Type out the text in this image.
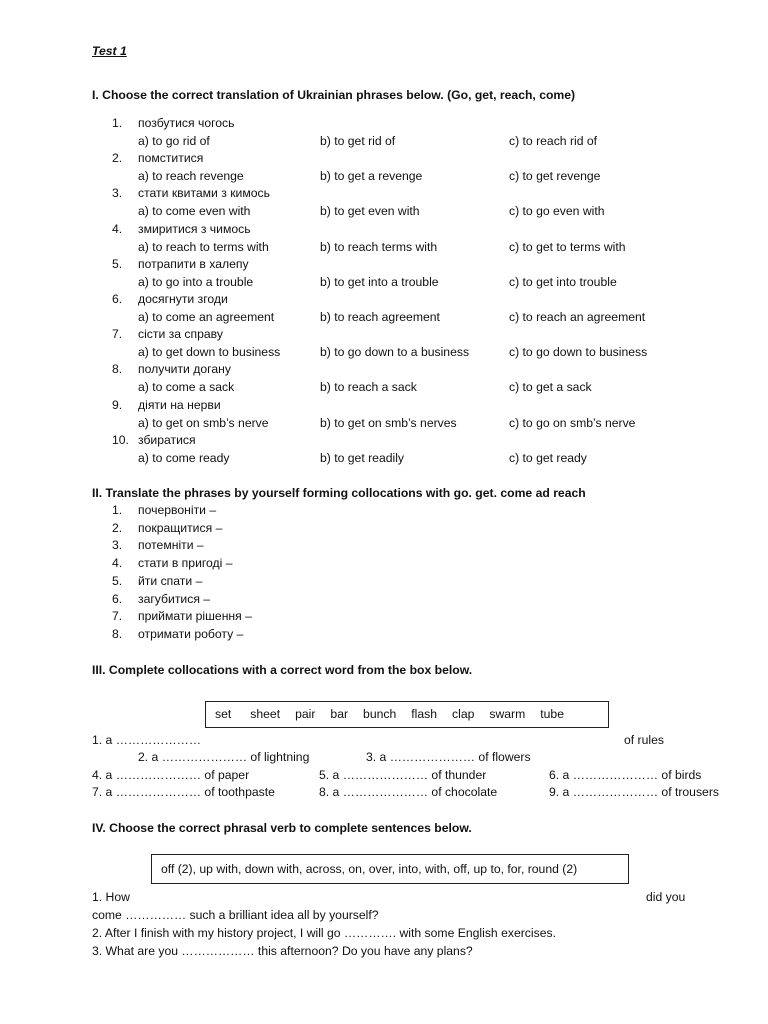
Test 1
I. Choose the correct translation of Ukrainian phrases below. (Go, get, reach, come)
1. позбутися чогось
a) to go rid of	b) to get rid of	c) to reach rid of
2. помститися
a) to reach revenge	b) to get a revenge	c) to get revenge
3. стати квитами з кимось
a) to come even with	b) to get even with	c) to go even with
4. змиритися з чимось
a) to reach to terms with	b) to reach terms with	c) to get to terms with
5. потрапити в халепу
a) to go into a trouble	b) to get into a trouble	c) to get into trouble
6. досягнути згоди
a) to come an agreement	b) to reach agreement	c) to reach an agreement
7. сісти за справу
a) to get down to business	b) to go down to a business	c) to go down to business
8. получити догану
a) to come a sack	b) to reach a sack	c) to get a sack
9. діяти на нерви
a) to get on smb’s nerve	b) to get on smb’s nerves	c) to go on smb’s nerve
10. збиратися
a) to come ready	b) to get readily	c) to get ready
II. Translate the phrases by yourself forming collocations with go. get. come ad reach
1. почервоніти –
2. покращитися –
3. потемніти –
4. стати в пригоді –
5. йти спати –
6. загубитися –
7. приймати рішення –
8. отримати роботу –
III. Complete collocations with a correct word from the box below.
set sheet pair bar bunch flash clap swarm tube
1. a …………………	of rules
2. a ………………… of lightning	3. a ………………… of flowers
4. a ………………… of paper	5. a ………………… of thunder	6. a ………………… of birds
7. a ………………… of toothpaste	8. a ………………… of chocolate	9. a ………………… of trousers
IV. Choose the correct phrasal verb to complete sentences below.
off (2), up with, down with, across, on, over, into, with, off, up to, for, round (2)
1. How	did you
come …………… such a brilliant idea all by yourself?
2. After I finish with my history project, I will go …………. with some English exercises.
3. What are you ……………… this afternoon? Do you have any plans?
